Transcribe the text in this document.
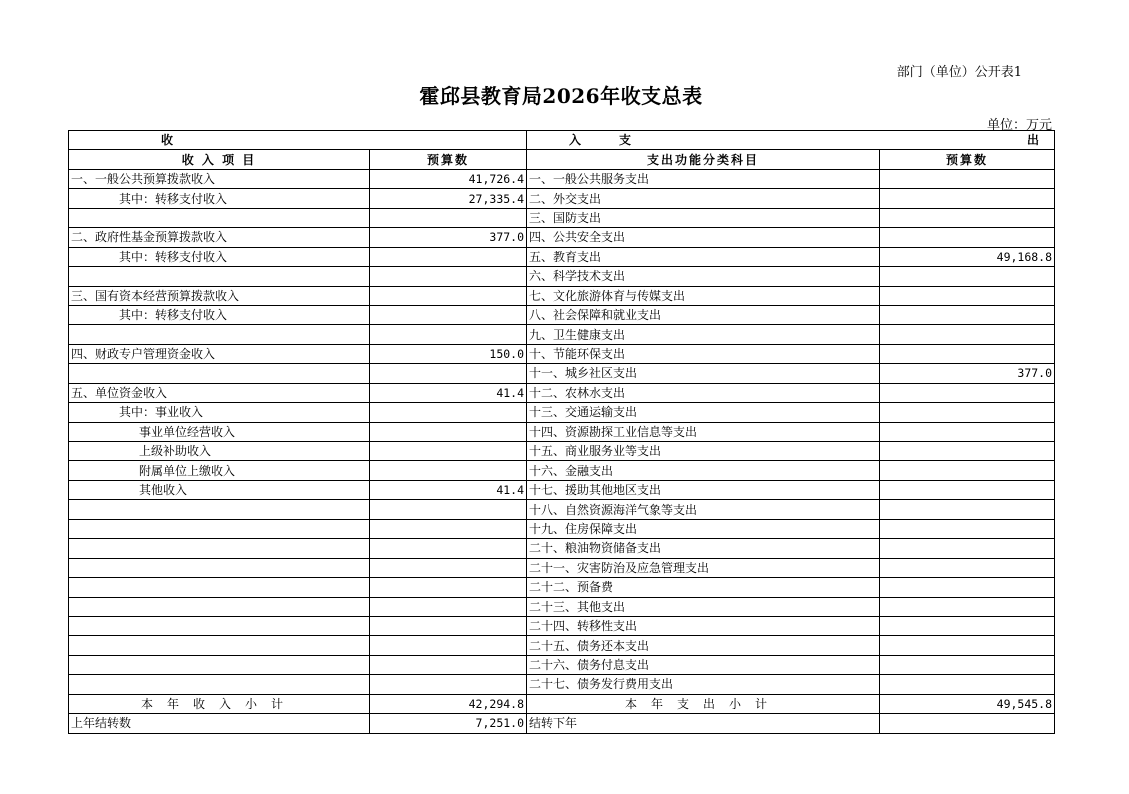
部门（单位）公开表1
霍邱县教育局2026年收支总表
单位：万元
收　　　入		支　　　出	
收 入 项 目	预算数	支出功能分类科目	预算数
一、一般公共预算拨款收入	41,726.4	一、一般公共服务支出	
其中：转移支付收入	27,335.4	二、外交支出	
		三、国防支出	
二、政府性基金预算拨款收入	377.0	四、公共安全支出	
其中：转移支付收入		五、教育支出	49,168.8
		六、科学技术支出	
三、国有资本经营预算拨款收入		七、文化旅游体育与传媒支出	
其中：转移支付收入		八、社会保障和就业支出	
		九、卫生健康支出	
四、财政专户管理资金收入	150.0	十、节能环保支出	
		十一、城乡社区支出	377.0
五、单位资金收入	41.4	十二、农林水支出	
其中：事业收入		十三、交通运输支出	
事业单位经营收入		十四、资源勘探工业信息等支出	
上级补助收入		十五、商业服务业等支出	
附属单位上缴收入		十六、金融支出	
其他收入	41.4	十七、援助其他地区支出	
		十八、自然资源海洋气象等支出	
		十九、住房保障支出	
		二十、粮油物资储备支出	
		二十一、灾害防治及应急管理支出	
		二十二、预备费	
		二十三、其他支出	
		二十四、转移性支出	
		二十五、债务还本支出	
		二十六、债务付息支出	
		二十七、债务发行费用支出	
本年收入小计	42,294.8	本年支出小计	49,545.8
上年结转数	7,251.0	结转下年	
